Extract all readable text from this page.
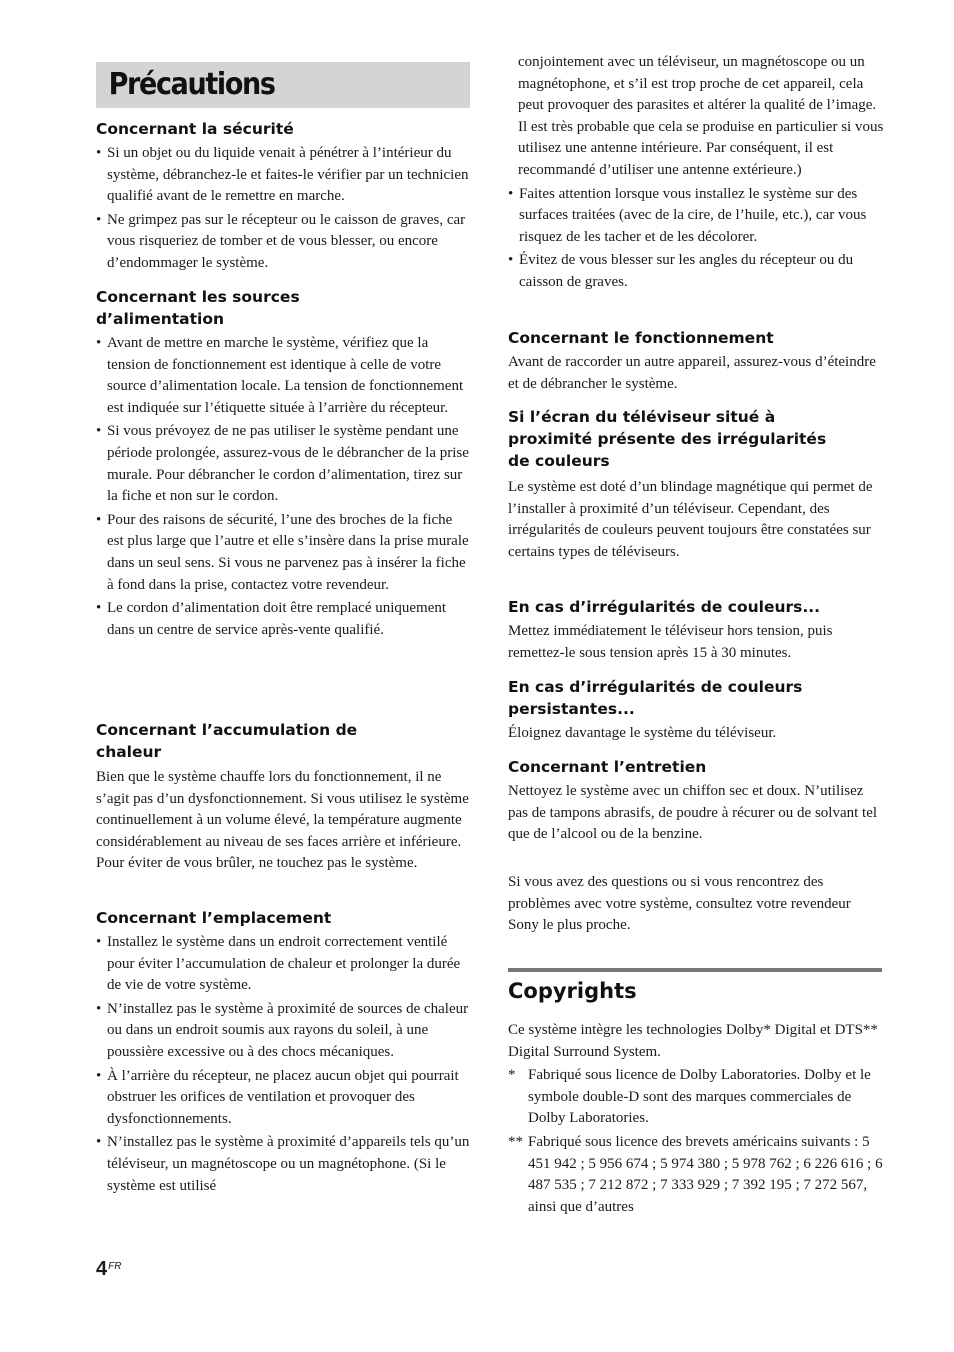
Précautions
Concernant la sécurité
• Si un objet ou du liquide venait à pénétrer à l’intérieur du système, débranchez-le et faites-le vérifier par un technicien qualifié avant de le remettre en marche.
• Ne grimpez pas sur le récepteur ou le caisson de graves, car vous risqueriez de tomber et de vous blesser, ou encore d’endommager le système.
Concernant les sources
d’alimentation
• Avant de mettre en marche le système, vérifiez que la tension de fonctionnement est identique à celle de votre source d’alimentation locale. La tension de fonctionnement est indiquée sur l’étiquette située à l’arrière du récepteur.
• Si vous prévoyez de ne pas utiliser le système pendant une période prolongée, assurez-vous de le débrancher de la prise murale. Pour débrancher le cordon d’alimentation, tirez sur la fiche et non sur le cordon.
• Pour des raisons de sécurité, l’une des broches de la fiche est plus large que l’autre et elle s’insère dans la prise murale dans un seul sens. Si vous ne parvenez pas à insérer la fiche à fond dans la prise, contactez votre revendeur.
• Le cordon d’alimentation doit être remplacé uniquement dans un centre de service après-vente qualifié.
Concernant l’accumulation de
chaleur

Bien que le système chauffe lors du fonctionnement, il ne s’agit pas d’un dysfonctionnement. Si vous utilisez le système continuellement à un volume élevé, la température augmente considérablement au niveau de ses faces arrière et inférieure. Pour éviter de vous brûler, ne touchez pas le système.

Concernant l’emplacement
• Installez le système dans un endroit correctement ventilé pour éviter l’accumulation de chaleur et prolonger la durée de vie de votre système.
• N’installez pas le système à proximité de sources de chaleur ou dans un endroit soumis aux rayons du soleil, à une poussière excessive ou à des chocs mécaniques.
• À l’arrière du récepteur, ne placez aucun objet qui pourrait obstruer les orifices de ventilation et provoquer des dysfonctionnements.
• N’installez pas le système à proximité d’appareils tels qu’un téléviseur, un magnétoscope ou un magnétophone. (Si le système est utilisé
conjointement avec un téléviseur, un magnétoscope ou un magnétophone, et s’il est trop proche de cet appareil, cela peut provoquer des parasites et altérer la qualité de l’image. Il est très probable que cela se produise en particulier si vous utilisez une antenne intérieure. Par conséquent, il est recommandé d’utiliser une antenne extérieure.)
• Faites attention lorsque vous installez le système sur des surfaces traitées (avec de la cire, de l’huile, etc.), car vous risquez de les tacher et de les décolorer.
• Évitez de vous blesser sur les angles du récepteur ou du caisson de graves.
Concernant le fonctionnement

Avant de raccorder un autre appareil, assurez-vous d’éteindre et de débrancher le système.

Si l’écran du téléviseur situé à
proximité présente des irrégularités
de couleurs

Le système est doté d’un blindage magnétique qui permet de l’installer à proximité d’un téléviseur. Cependant, des irrégularités de couleurs peuvent toujours être constatées sur certains types de téléviseurs.

En cas d’irrégularités de couleurs...

Mettez immédiatement le téléviseur hors tension, puis remettez-le sous tension après 15 à 30 minutes.

En cas d’irrégularités de couleurs
persistantes...

Éloignez davantage le système du téléviseur.

Concernant l’entretien

Nettoyez le système avec un chiffon sec et doux. N’utilisez pas de tampons abrasifs, de poudre à récurer ou de solvant tel que de l’alcool ou de la benzine.

Si vous avez des questions ou si vous rencontrez des problèmes avec votre système, consultez votre revendeur Sony le plus proche.

Copyrights

Ce système intègre les technologies Dolby* Digital et DTS** Digital Surround System.

* Fabriqué sous licence de Dolby Laboratories. Dolby et le symbole double-D sont des marques commerciales de Dolby Laboratories.
** Fabriqué sous licence des brevets américains suivants : 5 451 942 ; 5 956 674 ; 5 974 380 ; 5 978 762 ; 6 226 616 ; 6 487 535 ; 7 212 872 ; 7 333 929 ; 7 392 195 ; 7 272 567, ainsi que d’autres
$4^{FR}$
